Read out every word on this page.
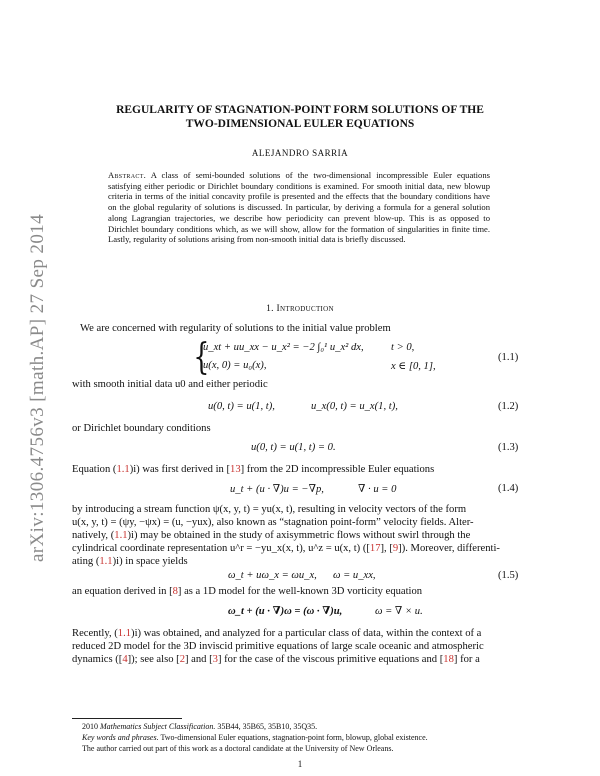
arXiv:1306.4756v3 [math.AP] 27 Sep 2014
REGULARITY OF STAGNATION-POINT FORM SOLUTIONS OF THE
TWO-DIMENSIONAL EULER EQUATIONS
ALEJANDRO SARRIA
Abstract. A class of semi-bounded solutions of the two-dimensional incompressible Euler equations satisfying either periodic or Dirichlet boundary conditions is examined. For smooth initial data, new blowup criteria in terms of the initial concavity profile is presented and the effects that the boundary conditions have on the global regularity of solutions is discussed. In particular, by deriving a formula for a general solution along Lagrangian trajectories, we describe how periodicity can prevent blow-up. This is as opposed to Dirichlet boundary conditions which, as we will show, allow for the formation of singularities in finite time. Lastly, regularity of solutions arising from non-smooth initial data is briefly discussed.
1. Introduction
We are concerned with regularity of solutions to the initial value problem
{
u_xt + uu_xx − u_x² = −2 ∫₀¹ u_x² dx,	t > 0,
u(x, 0) = u₀(x),	x ∈ [0, 1],
(1.1)
with smooth initial data u0 and either periodic
u(0, t) = u(1, t),	u_x(0, t) = u_x(1, t),	(1.2)
or Dirichlet boundary conditions
u(0, t) = u(1, t) = 0.	(1.3)
Equation (1.1)i) was first derived in [13] from the 2D incompressible Euler equations
u_t + (u · ∇)u = −∇p,	∇ · u = 0	(1.4)
by introducing a stream function ψ(x, y, t) = yu(x, t), resulting in velocity vectors of the form
u(x, y, t) = (ψy, −ψx) = (u, −yux), also known as “stagnation point-form” velocity fields. Alter-
natively, (1.1)i) may be obtained in the study of axisymmetric flows without swirl through the
cylindrical coordinate representation u^r = −yu_x(x, t), u^z = u(x, t) ([17], [9]). Moreover, differenti-
ating (1.1)i) in space yields
ω_t + uω_x = ωu_x, ω = u_xx,	(1.5)
an equation derived in [8] as a 1D model for the well-known 3D vorticity equation
ω_t + (u · ∇)ω = (ω · ∇)u,	ω = ∇ × u.
Recently, (1.1)i) was obtained, and analyzed for a particular class of data, within the context of a
reduced 2D model for the 3D inviscid primitive equations of large scale oceanic and atmospheric
dynamics ([4]); see also [2] and [3] for the case of the viscous primitive equations and [18] for a
2010 Mathematics Subject Classification. 35B44, 35B65, 35B10, 35Q35.
Key words and phrases. Two-dimensional Euler equations, stagnation-point form, blowup, global existence.
The author carried out part of this work as a doctoral candidate at the University of New Orleans.
1
